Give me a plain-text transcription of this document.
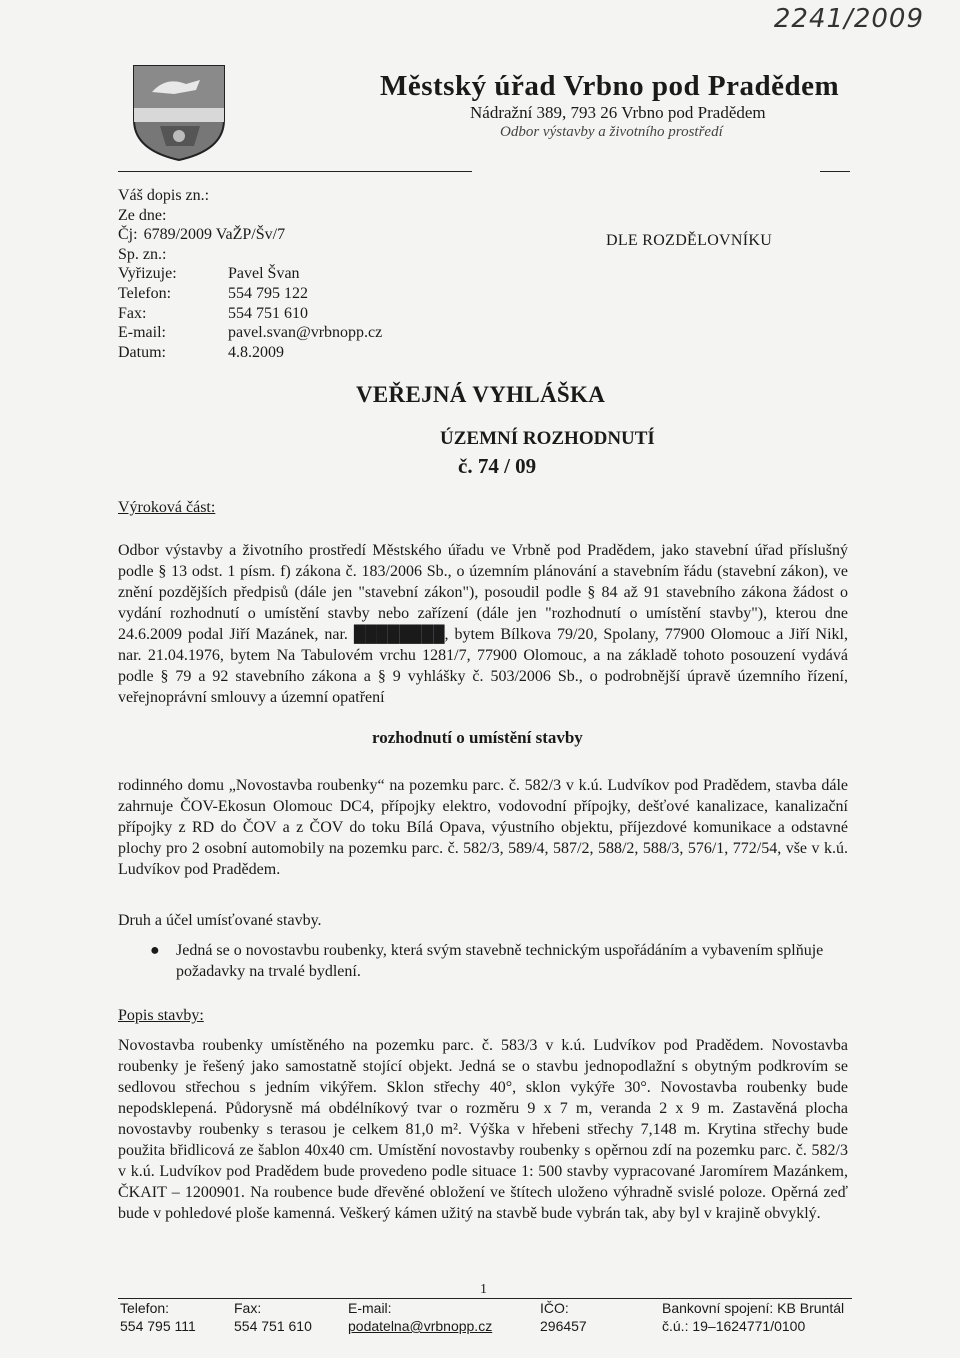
2241/2009
Městský úřad Vrbno pod Pradědem
Nádražní 389, 793 26 Vrbno pod Pradědem
Odbor výstavby a životního prostředí
Váš dopis zn.:
Ze dne:
Čj: 6789/2009 VaŽP/Šv/7
Sp. zn.:
Vyřizuje:	Pavel Švan
Telefon:	554 795 122
Fax:	554 751 610
E-mail:	pavel.svan@vrbnopp.cz
Datum:	4.8.2009
DLE ROZDĚLOVNÍKU
VEŘEJNÁ VYHLÁŠKA
ÚZEMNÍ ROZHODNUTÍ
č. 74 / 09
Výroková část:

Odbor výstavby a životního prostředí Městského úřadu ve Vrbně pod Pradědem, jako stavební úřad příslušný podle § 13 odst. 1 písm. f) zákona č. 183/2006 Sb., o územním plánování a stavebním řádu (stavební zákon), ve znění pozdějších předpisů (dále jen "stavební zákon"), posoudil podle § 84 až 91 stavebního zákona žádost o vydání rozhodnutí o umístění stavby nebo zařízení (dále jen "rozhodnutí o umístění stavby"), kterou dne 24.6.2009 podal Jiří Mazánek, nar. ████████, bytem Bílkova 79/20, Spolany, 77900 Olomouc a Jiří Nikl, nar. 21.04.1976, bytem Na Tabulovém vrchu 1281/7, 77900 Olomouc, a na základě tohoto posouzení vydává podle § 79 a 92 stavebního zákona a § 9 vyhlášky č. 503/2006 Sb., o podrobnější úpravě územního řízení, veřejnoprávní smlouvy a územní opatření

rozhodnutí o umístění stavby

rodinného domu „Novostavba roubenky“ na pozemku parc. č. 582/3 v k.ú. Ludvíkov pod Pradědem, stavba dále zahrnuje ČOV-Ekosun Olomouc DC4, přípojky elektro, vodovodní přípojky, dešťové kanalizace, kanalizační přípojky z RD do ČOV a z ČOV do toku Bílá Opava, výustního objektu, příjezdové komunikace a odstavné plochy pro 2 osobní automobily na pozemku parc. č. 582/3, 589/4, 587/2, 588/2, 588/3, 576/1, 772/54, vše v k.ú. Ludvíkov pod Pradědem.

Druh a účel umísťované stavby.
●	Jedná se o novostavbu roubenky, která svým stavebně technickým uspořádáním a vybavením splňuje požadavky na trvalé bydlení.
Popis stavby:

Novostavba roubenky umístěného na pozemku parc. č. 583/3 v k.ú. Ludvíkov pod Pradědem. Novostavba roubenky je řešený jako samostatně stojící objekt. Jedná se o stavbu jednopodlažní s obytným podkrovím se sedlovou střechou s jedním vikýřem. Sklon střechy 40°, sklon vykýře 30°. Novostavba roubenky bude nepodsklepená. Půdorysně má obdélníkový tvar o rozměru 9 x 7 m, veranda 2 x 9 m. Zastavěná plocha novostavby roubenky s terasou je celkem 81,0 m². Výška v hřebeni střechy 7,148 m. Krytina střechy bude použita břidlicová ze šablon 40x40 cm. Umístění novostavby roubenky s opěrnou zdí na pozemku parc. č. 582/3 v k.ú. Ludvíkov pod Pradědem bude provedeno podle situace 1: 500 stavby vypracované Jaromírem Mazánkem, ČKAIT – 1200901. Na roubence bude dřevěné obložení ve štítech uloženo výhradně svislé poloze. Opěrná zeď bude v pohledové ploše kamenná. Veškerý kámen užitý na stavbě bude vybrán tak, aby byl v krajině obvyklý.

1
Telefon:
554 795 111
Fax:
554 751 610
E-mail:
podatelna@vrbnopp.cz
IČO:
296457
Bankovní spojení: KB Bruntál
č.ú.: 19–1624771/0100
